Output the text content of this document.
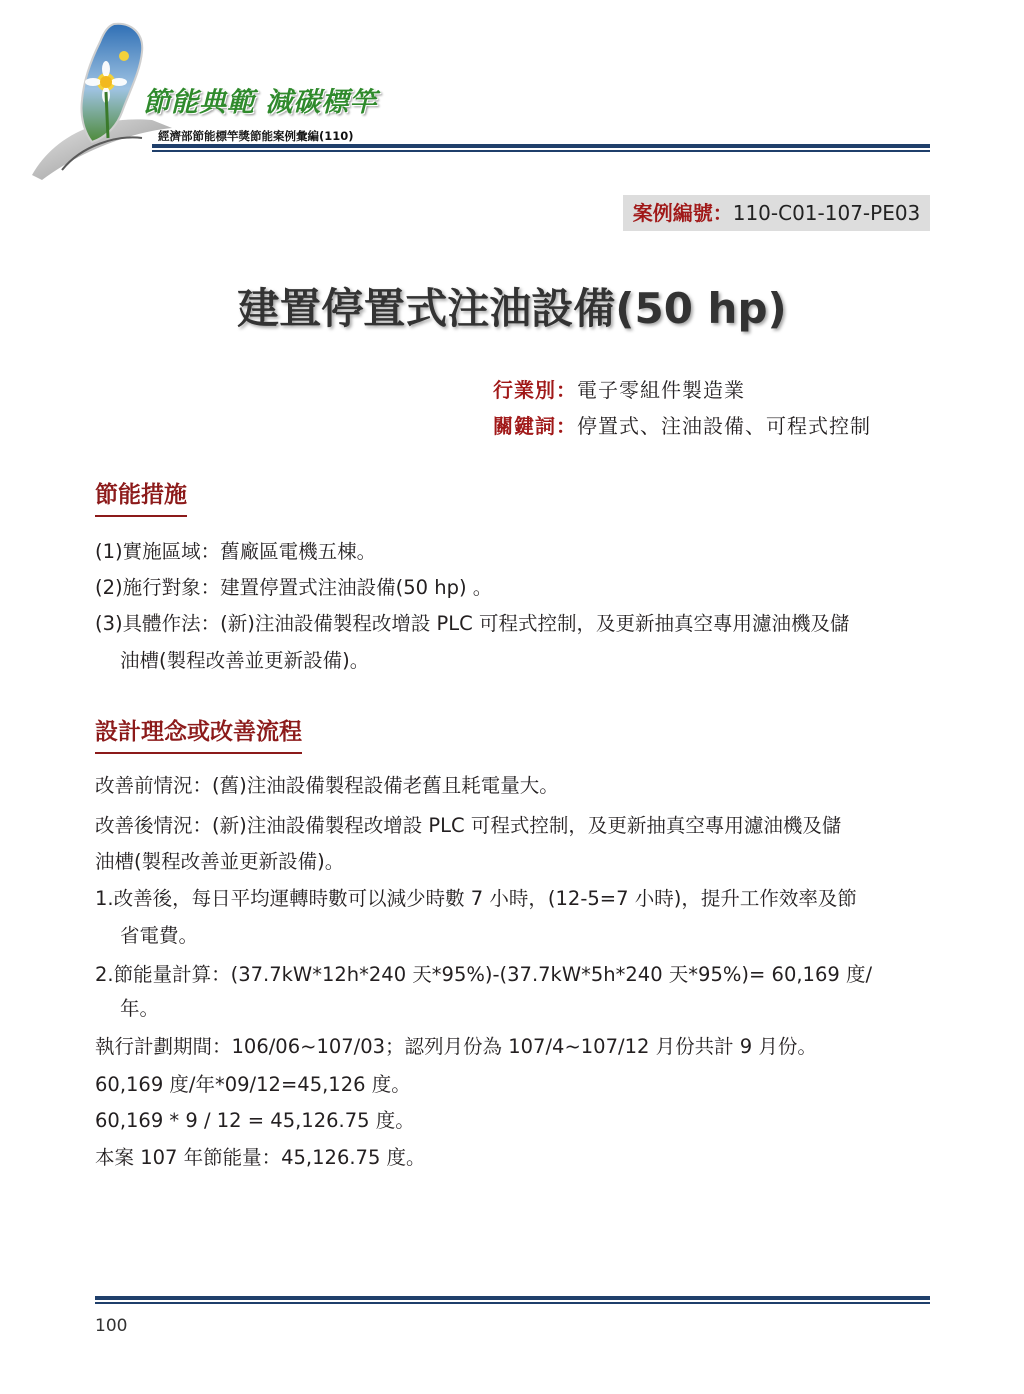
節能典範 減碳標竿
經濟部節能標竿獎節能案例彙編(110)
案例編號：110-C01-107-PE03
建置停置式注油設備(50 hp)
行業別：電子零組件製造業
關鍵詞：停置式、注油設備、可程式控制
節能措施
(1)實施區域：舊廠區電機五棟。
(2)施行對象：建置停置式注油設備(50 hp) 。
(3)具體作法：(新)注油設備製程改增設 PLC 可程式控制，及更新抽真空專用濾油機及儲
油槽(製程改善並更新設備)。
設計理念或改善流程
改善前情況：(舊)注油設備製程設備老舊且耗電量大。
改善後情況：(新)注油設備製程改增設 PLC 可程式控制，及更新抽真空專用濾油機及儲
油槽(製程改善並更新設備)。
1.改善後，每日平均運轉時數可以減少時數 7 小時，(12-5=7 小時)，提升工作效率及節
省電費。
2.節能量計算：(37.7kW*12h*240 天*95%)-(37.7kW*5h*240 天*95%)= 60,169 度/
年。
執行計劃期間：106/06~107/03；認列月份為 107/4~107/12 月份共計 9 月份。
60,169 度/年*09/12=45,126 度。
60,169 * 9 / 12 = 45,126.75 度。
本案 107 年節能量：45,126.75 度。
100
